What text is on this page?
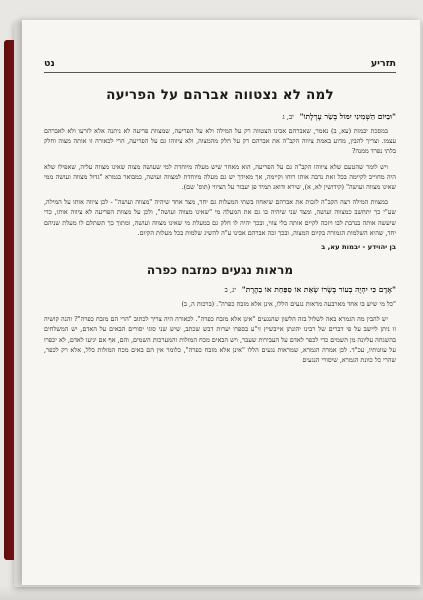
תזריע
נט
למה לא נצטווה אברהם על הפריעה
"וּבַיּוֹם הַשְּׁמִינִי יִמּוֹל בְּשַׂר עָרְלָתוֹ" יב, ג

במסכת יבמות (עא, ב) נאמר, שאברהם אבינו הצטווה רק על המילה ולא על הפריעה, שמצוות פריעה לא ניתנה אלא לזרעו ולא לאברהם עצמו. וצריך להבין, מדוע באמת ציווה הקב"ה את אברהם רק על חלק מהמצוה, ולא ציווהו גם על הפריעה, הרי לכאורה זו אותה מצוה וחלק בלתי נפרד ממנה?

ויש לומר שהטעם שלא ציווהו הקב"ה גם על הפריעה, הוא מאחר שיש מעלה מיוחדת למי שעושה מצוה שאינו מצווה עליה, שאפילו שלא היה מחוייב לקיימה בכל זאת נדבה אותו רוחו וקיימה, אך מאידך יש גם מעלה מיוחדת למצווה ועושה, כמבואר בגמרא "גדול מצווה ועושה ממי שאינו מצווה ועושה" (קידושין לא, א), שירא ודואג תמיד פן יעבור על הציווי (תוס' שם).

במצוות המילה רצה הקב"ה לזכות את אברהם שיאחוז בשתי המעלות גם יחד, מצד אחד שיהיה "מצווה ועושה" - לכן ציווה אותו על המילה, שע"י כך יתחשב כמצווה ועושה, ומצד שני שיהיה בו גם את המעלה מי "שאינו מצווה ועושה", ולכן על מצוות הפריעה לא ציווה אותו, כדי שיעשה אותה בנדבת לבו ויזכה לקיים אותה בלי צווי, ובכך יהיה לו חלק גם במעלת מי שאינו מצווה ועושה, ומתוך כך תשתלם לו מעלת שניהם יחד, שהיא השלמות הגמורה בקיום המצוה, ובכך זכה אברהם אבינו ע"ה להשיג שלמות בכל מעלות הקיום.

בן יהוידע - יבמות עא, ב
מראות נגעים כמזבח כפרה
"אָדָם כִּי יִהְיֶה בְעוֹר בְּשָׂרוֹ שְׂאֵת אוֹ סַפַּחַת אוֹ בַהֶרֶת" יג, ב

"כל מי שיש בו אחד מארבעה מראות נגעים הללו, אינן אלא מזבח כפרה". (ברכות ה, ב)

יש להבין מה הגמרא באה לשלול בזה הלשון שהנגעים "אינן אלא מזבח כפרה". לכאורה היה צריך לכתוב "הרי הם מזבח כפרה"? והנה קושיה זו ניתן ליישב על פי דברים של רבינו יהונתן אייבשיץ זי"ע בספרו יערות דבש שכתב, שיש שני סוגי יסורים הבאים על האדם, יש המשלחים בהשגחה עליונה מן השמים כדי לכפר לאדם על העבירות שעבר, ויש הבאים מכח המזלות והמערכות השמים, והם, אף אם יגיעו לאדם, לא יכפרו על עוונותיו, עכ"ד. לכן אמרה הגמרא, שמראות נגעים הללו "אינן אלא מזבח כפרה", כלומר אין הם באים מכח המזלות כלל, אלא רק לכפר, שהרי כל כוונת הגמרא, שיסורי הנגעים
